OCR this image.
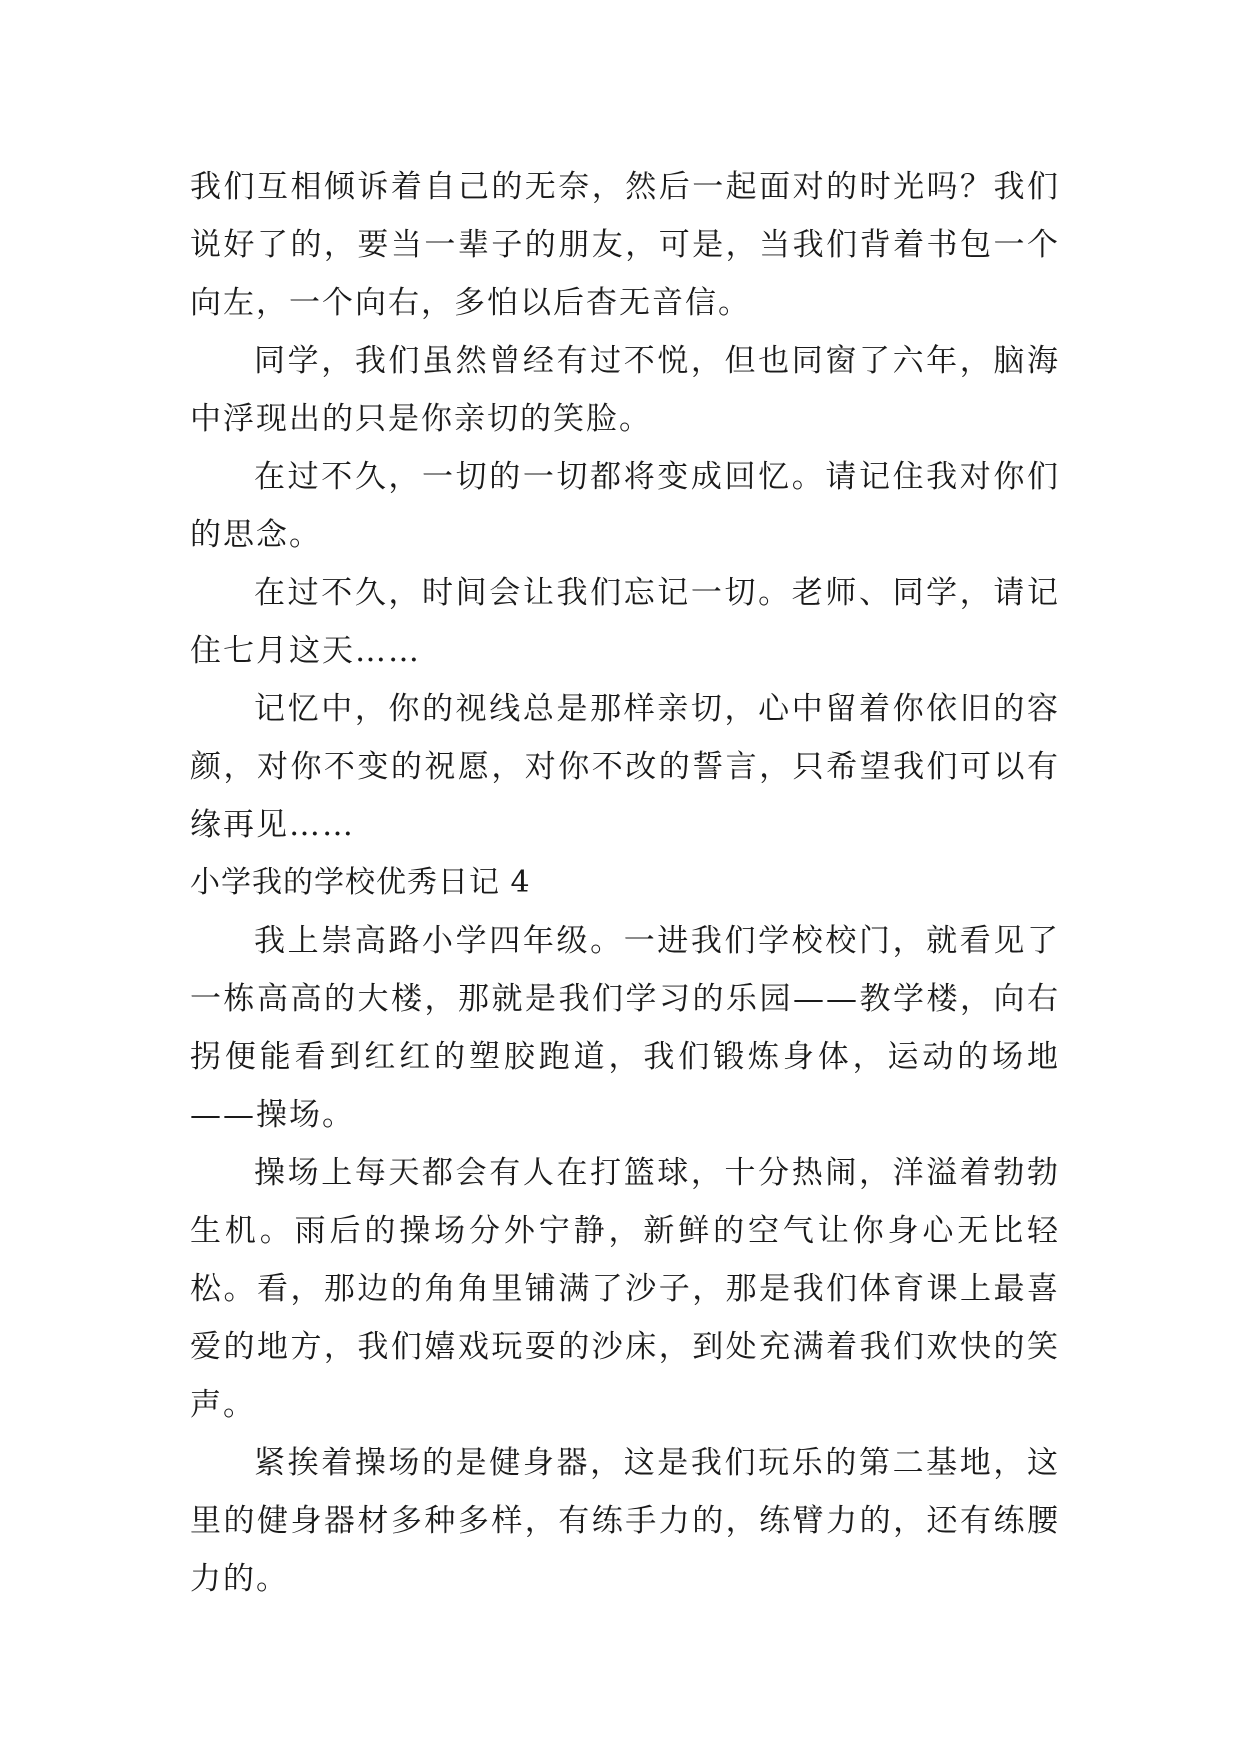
我们互相倾诉着自己的无奈，然后一起面对的时光吗？我们说好了的，要当一辈子的朋友，可是，当我们背着书包一个向左，一个向右，多怕以后杳无音信。

同学，我们虽然曾经有过不悦，但也同窗了六年，脑海中浮现出的只是你亲切的笑脸。

在过不久，一切的一切都将变成回忆。请记住我对你们的思念。

在过不久，时间会让我们忘记一切。老师、同学，请记住七月这天……

记忆中，你的视线总是那样亲切，心中留着你依旧的容颜，对你不变的祝愿，对你不改的誓言，只希望我们可以有缘再见……

小学我的学校优秀日记 4

我上崇高路小学四年级。一进我们学校校门，就看见了一栋高高的大楼，那就是我们学习的乐园——教学楼，向右拐便能看到红红的塑胶跑道，我们锻炼身体，运动的场地——操场。

操场上每天都会有人在打篮球，十分热闹，洋溢着勃勃生机。雨后的操场分外宁静，新鲜的空气让你身心无比轻松。看，那边的角角里铺满了沙子，那是我们体育课上最喜爱的地方，我们嬉戏玩耍的沙床，到处充满着我们欢快的笑声。

紧挨着操场的是健身器，这是我们玩乐的第二基地，这里的健身器材多种多样，有练手力的，练臂力的，还有练腰力的。
